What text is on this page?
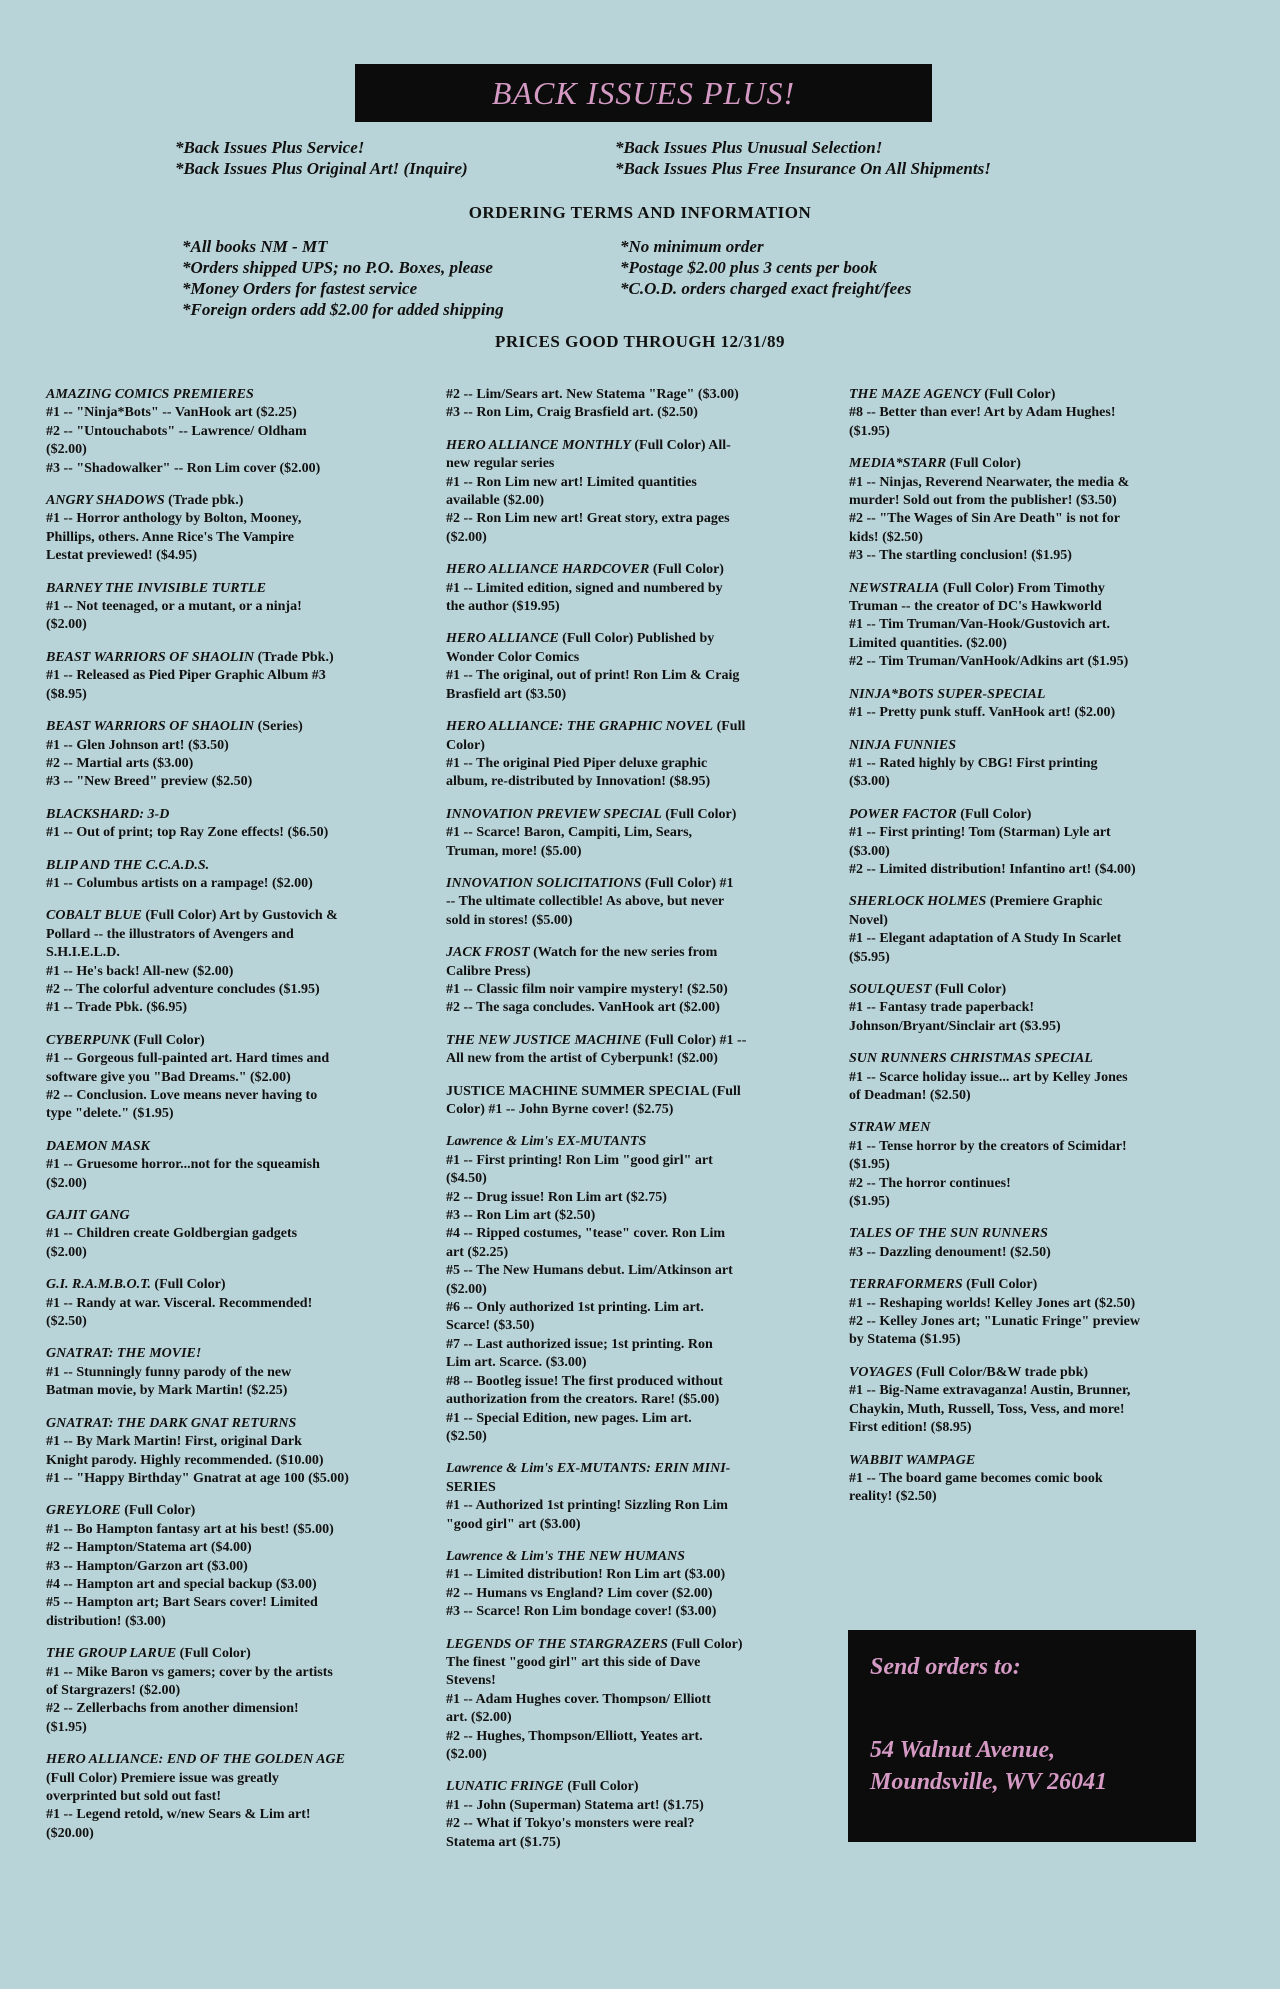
BACK ISSUES PLUS!
*Back Issues Plus Service!	*Back Issues Plus Unusual Selection!
*Back Issues Plus Original Art! (Inquire)	*Back Issues Plus Free Insurance On All Shipments!
ORDERING TERMS AND INFORMATION
*All books NM - MT	*No minimum order
*Orders shipped UPS; no P.O. Boxes, please	*Postage $2.00 plus 3 cents per book
*Money Orders for fastest service	*C.O.D. orders charged exact freight/fees
*Foreign orders add $2.00 for added shipping
PRICES GOOD THROUGH 12/31/89
AMAZING COMICS PREMIERES
#1 -- "Ninja*Bots" -- VanHook art ($2.25)
#2 -- "Untouchabots" -- Lawrence/ Oldham
($2.00)
#3 -- "Shadowalker" -- Ron Lim cover ($2.00)
ANGRY SHADOWS (Trade pbk.)
#1 -- Horror anthology by Bolton, Mooney,
Phillips, others. Anne Rice's The Vampire
Lestat previewed! ($4.95)
BARNEY THE INVISIBLE TURTLE
#1 -- Not teenaged, or a mutant, or a ninja!
($2.00)
BEAST WARRIORS OF SHAOLIN (Trade Pbk.)
#1 -- Released as Pied Piper Graphic Album #3
($8.95)
BEAST WARRIORS OF SHAOLIN (Series)
#1 -- Glen Johnson art! ($3.50)
#2 -- Martial arts ($3.00)
#3 -- "New Breed" preview ($2.50)
BLACKSHARD: 3-D
#1 -- Out of print; top Ray Zone effects! ($6.50)
BLIP AND THE C.C.A.D.S.
#1 -- Columbus artists on a rampage! ($2.00)
COBALT BLUE (Full Color) Art by Gustovich &
Pollard -- the illustrators of Avengers and
S.H.I.E.L.D.
#1 -- He's back! All-new ($2.00)
#2 -- The colorful adventure concludes ($1.95)
#1 -- Trade Pbk. ($6.95)
CYBERPUNK (Full Color)
#1 -- Gorgeous full-painted art. Hard times and
software give you "Bad Dreams." ($2.00)
#2 -- Conclusion. Love means never having to
type "delete." ($1.95)
DAEMON MASK
#1 -- Gruesome horror...not for the squeamish
($2.00)
GAJIT GANG
#1 -- Children create Goldbergian gadgets
($2.00)
G.I. R.A.M.B.O.T. (Full Color)
#1 -- Randy at war. Visceral. Recommended!
($2.50)
GNATRAT: THE MOVIE!
#1 -- Stunningly funny parody of the new
Batman movie, by Mark Martin! ($2.25)
GNATRAT: THE DARK GNAT RETURNS
#1 -- By Mark Martin! First, original Dark
Knight parody. Highly recommended. ($10.00)
#1 -- "Happy Birthday" Gnatrat at age 100 ($5.00)
GREYLORE (Full Color)
#1 -- Bo Hampton fantasy art at his best! ($5.00)
#2 -- Hampton/Statema art ($4.00)
#3 -- Hampton/Garzon art ($3.00)
#4 -- Hampton art and special backup ($3.00)
#5 -- Hampton art; Bart Sears cover! Limited
distribution! ($3.00)
THE GROUP LARUE (Full Color)
#1 -- Mike Baron vs gamers; cover by the artists
of Stargrazers! ($2.00)
#2 -- Zellerbachs from another dimension!
($1.95)
HERO ALLIANCE: END OF THE GOLDEN AGE
(Full Color) Premiere issue was greatly
overprinted but sold out fast!
#1 -- Legend retold, w/new Sears & Lim art!
($20.00)
#2 -- Lim/Sears art. New Statema "Rage" ($3.00)
#3 -- Ron Lim, Craig Brasfield art. ($2.50)
HERO ALLIANCE MONTHLY (Full Color) All-
new regular series
#1 -- Ron Lim new art! Limited quantities
available ($2.00)
#2 -- Ron Lim new art! Great story, extra pages
($2.00)
HERO ALLIANCE HARDCOVER (Full Color)
#1 -- Limited edition, signed and numbered by
the author ($19.95)
HERO ALLIANCE (Full Color) Published by
Wonder Color Comics
#1 -- The original, out of print! Ron Lim & Craig
Brasfield art ($3.50)
HERO ALLIANCE: THE GRAPHIC NOVEL (Full
Color)
#1 -- The original Pied Piper deluxe graphic
album, re-distributed by Innovation! ($8.95)
INNOVATION PREVIEW SPECIAL (Full Color)
#1 -- Scarce! Baron, Campiti, Lim, Sears,
Truman, more! ($5.00)
INNOVATION SOLICITATIONS (Full Color) #1
-- The ultimate collectible! As above, but never
sold in stores! ($5.00)
JACK FROST (Watch for the new series from
Calibre Press)
#1 -- Classic film noir vampire mystery! ($2.50)
#2 -- The saga concludes. VanHook art ($2.00)
THE NEW JUSTICE MACHINE (Full Color) #1 --
All new from the artist of Cyberpunk! ($2.00)
JUSTICE MACHINE SUMMER SPECIAL (Full
Color) #1 -- John Byrne cover! ($2.75)
Lawrence & Lim's EX-MUTANTS
#1 -- First printing! Ron Lim "good girl" art
($4.50)
#2 -- Drug issue! Ron Lim art ($2.75)
#3 -- Ron Lim art ($2.50)
#4 -- Ripped costumes, "tease" cover. Ron Lim
art ($2.25)
#5 -- The New Humans debut. Lim/Atkinson art
($2.00)
#6 -- Only authorized 1st printing. Lim art.
Scarce! ($3.50)
#7 -- Last authorized issue; 1st printing. Ron
Lim art. Scarce. ($3.00)
#8 -- Bootleg issue! The first produced without
authorization from the creators. Rare! ($5.00)
#1 -- Special Edition, new pages. Lim art.
($2.50)
Lawrence & Lim's EX-MUTANTS: ERIN MINI-
SERIES
#1 -- Authorized 1st printing! Sizzling Ron Lim
"good girl" art ($3.00)
Lawrence & Lim's THE NEW HUMANS
#1 -- Limited distribution! Ron Lim art ($3.00)
#2 -- Humans vs England? Lim cover ($2.00)
#3 -- Scarce! Ron Lim bondage cover! ($3.00)
LEGENDS OF THE STARGRAZERS (Full Color)
The finest "good girl" art this side of Dave
Stevens!
#1 -- Adam Hughes cover. Thompson/ Elliott
art. ($2.00)
#2 -- Hughes, Thompson/Elliott, Yeates art.
($2.00)
LUNATIC FRINGE (Full Color)
#1 -- John (Superman) Statema art! ($1.75)
#2 -- What if Tokyo's monsters were real?
Statema art ($1.75)
THE MAZE AGENCY (Full Color)
#8 -- Better than ever! Art by Adam Hughes!
($1.95)
MEDIA*STARR (Full Color)
#1 -- Ninjas, Reverend Nearwater, the media &
murder! Sold out from the publisher! ($3.50)
#2 -- "The Wages of Sin Are Death" is not for
kids! ($2.50)
#3 -- The startling conclusion! ($1.95)
NEWSTRALIA (Full Color) From Timothy
Truman -- the creator of DC's Hawkworld
#1 -- Tim Truman/Van-Hook/Gustovich art.
Limited quantities. ($2.00)
#2 -- Tim Truman/VanHook/Adkins art ($1.95)
NINJA*BOTS SUPER-SPECIAL
#1 -- Pretty punk stuff. VanHook art! ($2.00)
NINJA FUNNIES
#1 -- Rated highly by CBG! First printing
($3.00)
POWER FACTOR (Full Color)
#1 -- First printing! Tom (Starman) Lyle art
($3.00)
#2 -- Limited distribution! Infantino art! ($4.00)
SHERLOCK HOLMES (Premiere Graphic
Novel)
#1 -- Elegant adaptation of A Study In Scarlet
($5.95)
SOULQUEST (Full Color)
#1 -- Fantasy trade paperback!
Johnson/Bryant/Sinclair art ($3.95)
SUN RUNNERS CHRISTMAS SPECIAL
#1 -- Scarce holiday issue... art by Kelley Jones
of Deadman! ($2.50)
STRAW MEN
#1 -- Tense horror by the creators of Scimidar!
($1.95)
#2 -- The horror continues!
($1.95)
TALES OF THE SUN RUNNERS
#3 -- Dazzling denoument! ($2.50)
TERRAFORMERS (Full Color)
#1 -- Reshaping worlds! Kelley Jones art ($2.50)
#2 -- Kelley Jones art; "Lunatic Fringe" preview
by Statema ($1.95)
VOYAGES (Full Color/B&W trade pbk)
#1 -- Big-Name extravaganza! Austin, Brunner,
Chaykin, Muth, Russell, Toss, Vess, and more!
First edition! ($8.95)
WABBIT WAMPAGE
#1 -- The board game becomes comic book
reality! ($2.50)
Send orders to:
54 Walnut Avenue,
Moundsville, WV 26041
